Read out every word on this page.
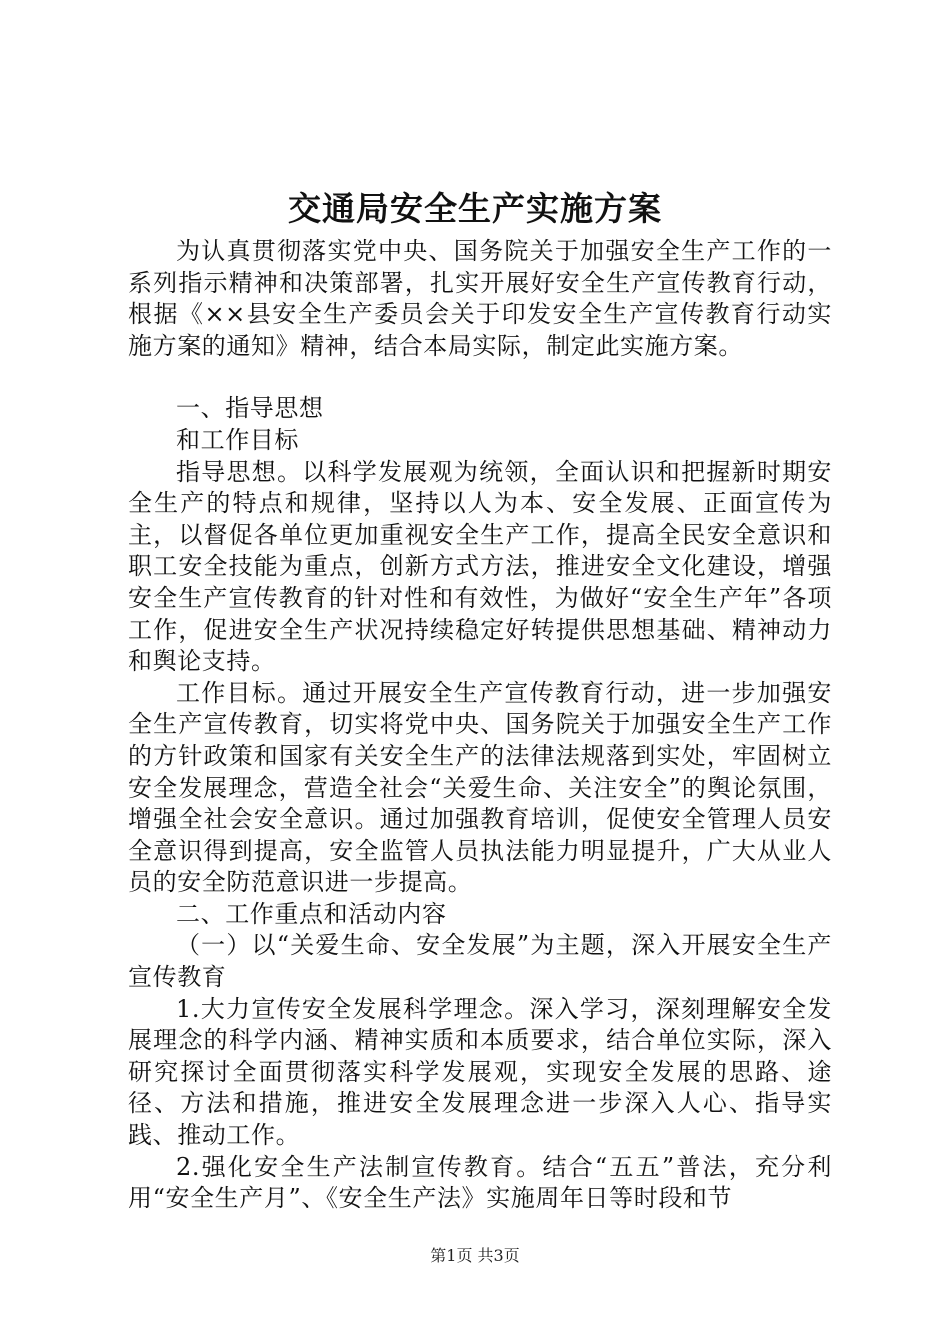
交通局安全生产实施方案

为认真贯彻落实党中央、国务院关于加强安全生产工作的一系列指示精神和决策部署，扎实开展好安全生产宣传教育行动，根据《××县安全生产委员会关于印发安全生产宣传教育行动实施方案的通知》精神，结合本局实际，制定此实施方案。

一、指导思想

和工作目标

指导思想。以科学发展观为统领，全面认识和把握新时期安全生产的特点和规律，坚持以人为本、安全发展、正面宣传为主，以督促各单位更加重视安全生产工作，提高全民安全意识和职工安全技能为重点，创新方式方法，推进安全文化建设，增强安全生产宣传教育的针对性和有效性，为做好“安全生产年”各项工作，促进安全生产状况持续稳定好转提供思想基础、精神动力和舆论支持。

工作目标。通过开展安全生产宣传教育行动，进一步加强安全生产宣传教育，切实将党中央、国务院关于加强安全生产工作的方针政策和国家有关安全生产的法律法规落到实处，牢固树立安全发展理念，营造全社会“关爱生命、关注安全”的舆论氛围，增强全社会安全意识。通过加强教育培训，促使安全管理人员安全意识得到提高，安全监管人员执法能力明显提升，广大从业人员的安全防范意识进一步提高。

二、工作重点和活动内容

（一）以“关爱生命、安全发展”为主题，深入开展安全生产宣传教育

1.大力宣传安全发展科学理念。深入学习，深刻理解安全发展理念的科学内涵、精神实质和本质要求，结合单位实际，深入研究探讨全面贯彻落实科学发展观，实现安全发展的思路、途径、方法和措施，推进安全发展理念进一步深入人心、指导实践、推动工作。

2.强化安全生产法制宣传教育。结合“五五”普法，充分利用“安全生产月”、《安全生产法》实施周年日等时段和节

第1页 共3页
